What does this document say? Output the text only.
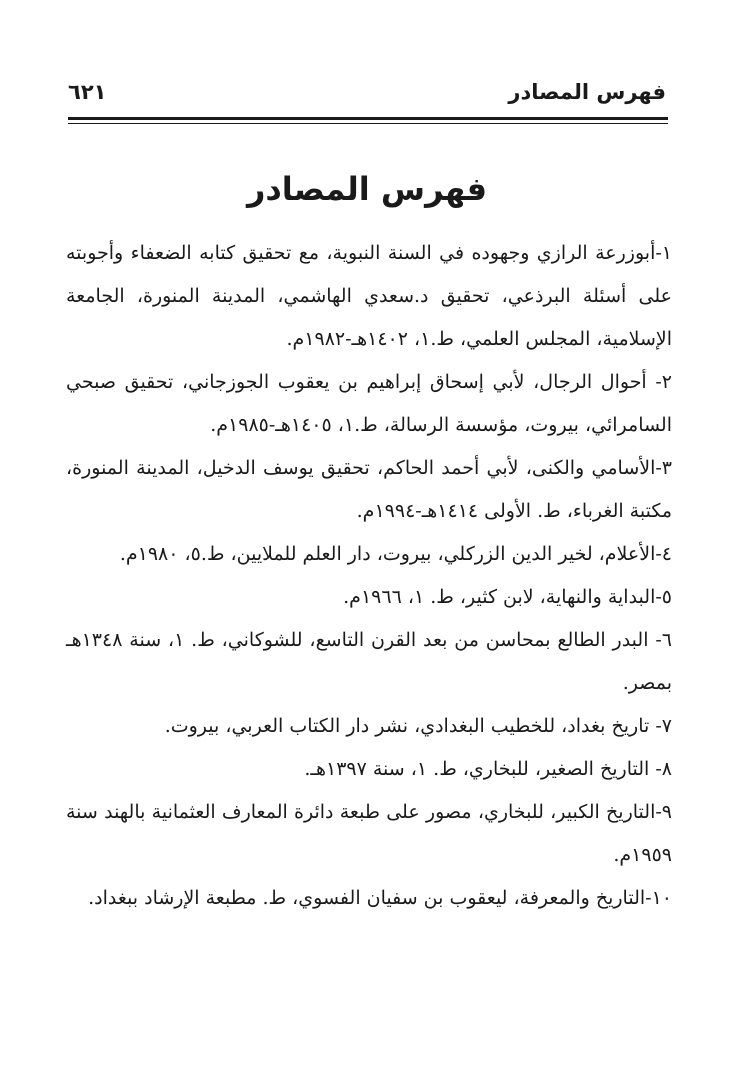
فهرس المصادر
٦٢١
فهرس المصادر

١-أبوزرعة الرازي وجهوده في السنة النبوية، مع تحقيق كتابه الضعفاء وأجوبته على أسئلة البرذعي، تحقيق د.سعدي الهاشمي، المدينة المنورة، الجامعة الإسلامية، المجلس العلمي، ط.١، ١٤٠٢هـ-١٩٨٢م.

٢- أحوال الرجال، لأبي إسحاق إبراهيم بن يعقوب الجوزجاني، تحقيق صبحي السامرائي، بيروت، مؤسسة الرسالة، ط.١، ١٤٠٥هـ-١٩٨٥م.

٣-الأسامي والكنى، لأبي أحمد الحاكم، تحقيق يوسف الدخيل، المدينة المنورة، مكتبة الغرباء، ط. الأولى ١٤١٤هـ-١٩٩٤م.

٤-الأعلام، لخير الدين الزركلي، بيروت، دار العلم للملايين، ط.٥، ١٩٨٠م.

٥-البداية والنهاية، لابن كثير، ط. ١، ١٩٦٦م.

٦- البدر الطالع بمحاسن من بعد القرن التاسع، للشوكاني، ط. ١، سنة ١٣٤٨هـ بمصر.

٧- تاريخ بغداد، للخطيب البغدادي، نشر دار الكتاب العربي، بيروت.

٨- التاريخ الصغير، للبخاري، ط. ١، سنة ١٣٩٧هـ.

٩-التاريخ الكبير، للبخاري، مصور على طبعة دائرة المعارف العثمانية بالهند سنة ١٩٥٩م.

١٠-التاريخ والمعرفة، ليعقوب بن سفيان الفسوي، ط. مطبعة الإرشاد ببغداد.
